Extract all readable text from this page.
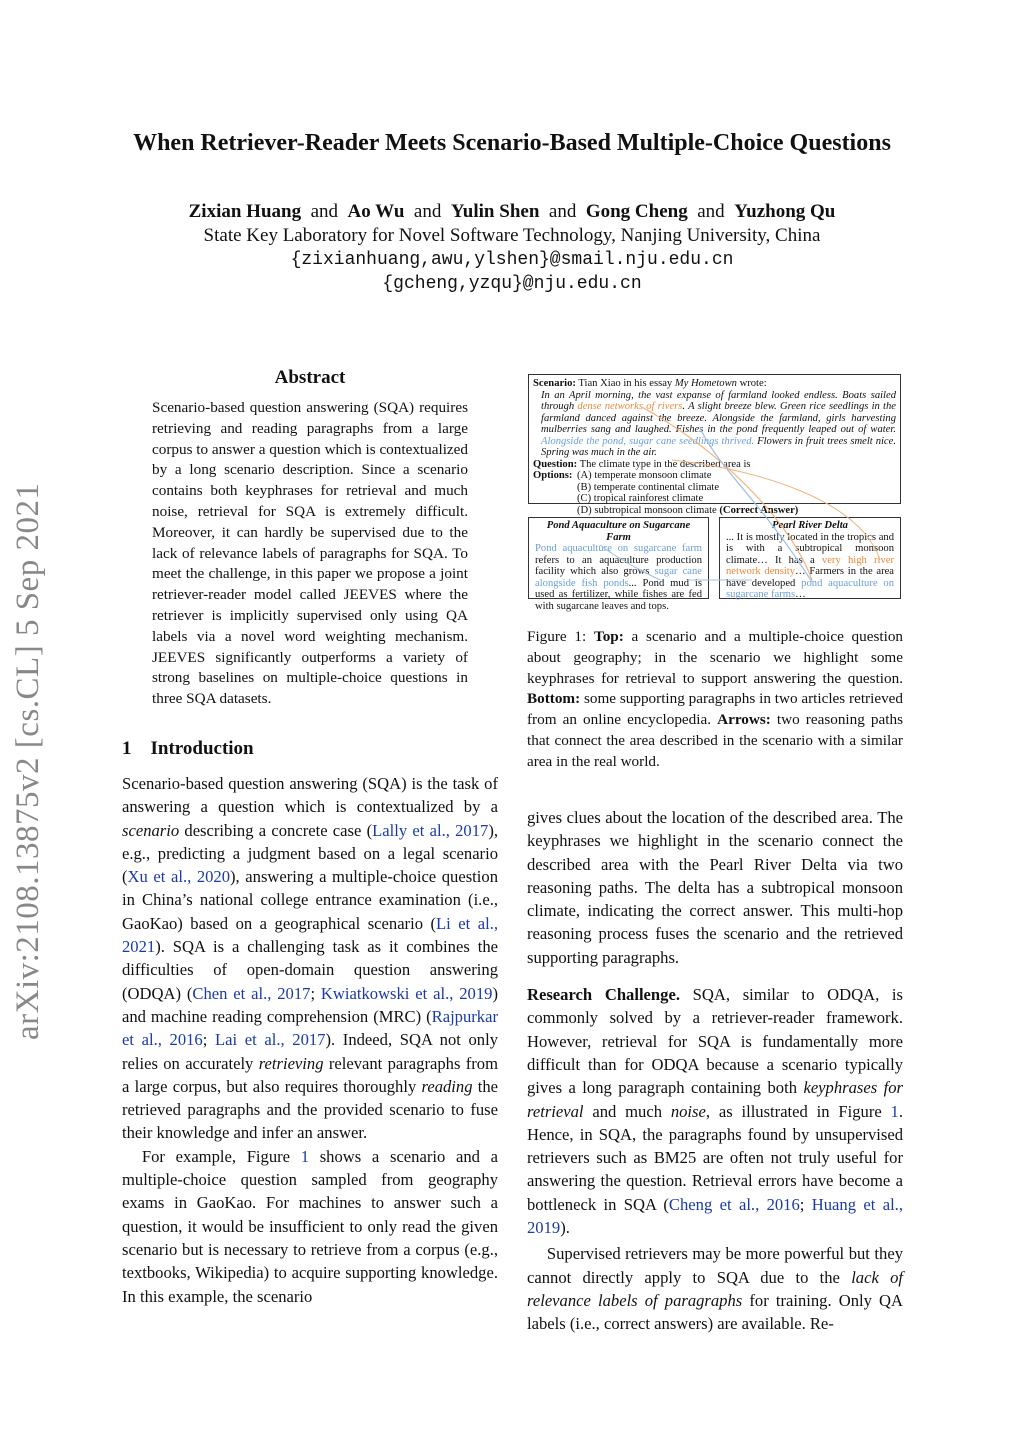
When Retriever-Reader Meets Scenario-Based Multiple-Choice Questions
Zixian Huang and Ao Wu and Yulin Shen and Gong Cheng and Yuzhong Qu
State Key Laboratory for Novel Software Technology, Nanjing University, China
{zixianhuang,awu,ylshen}@smail.nju.edu.cn
{gcheng,yzqu}@nju.edu.cn
arXiv:2108.13875v2 [cs.CL] 5 Sep 2021
Abstract
Scenario-based question answering (SQA) requires retrieving and reading paragraphs from a large corpus to answer a question which is contextualized by a long scenario description. Since a scenario contains both keyphrases for retrieval and much noise, retrieval for SQA is extremely difficult. Moreover, it can hardly be supervised due to the lack of relevance labels of paragraphs for SQA. To meet the challenge, in this paper we propose a joint retriever-reader model called JEEVES where the retriever is implicitly supervised only using QA labels via a novel word weighting mechanism. JEEVES significantly outperforms a variety of strong baselines on multiple-choice questions in three SQA datasets.
1 Introduction

Scenario-based question answering (SQA) is the task of answering a question which is contextualized by a scenario describing a concrete case (Lally et al., 2017), e.g., predicting a judgment based on a legal scenario (Xu et al., 2020), answering a multiple-choice question in China’s national college entrance examination (i.e., GaoKao) based on a geographical scenario (Li et al., 2021). SQA is a challenging task as it combines the difficulties of open-domain question answering (ODQA) (Chen et al., 2017; Kwiatkowski et al., 2019) and machine reading comprehension (MRC) (Rajpurkar et al., 2016; Lai et al., 2017). Indeed, SQA not only relies on accurately retrieving relevant paragraphs from a large corpus, but also requires thoroughly reading the retrieved paragraphs and the provided scenario to fuse their knowledge and infer an answer.

For example, Figure 1 shows a scenario and a multiple-choice question sampled from geography exams in GaoKao. For machines to answer such a question, it would be insufficient to only read the given scenario but is necessary to retrieve from a corpus (e.g., textbooks, Wikipedia) to acquire supporting knowledge. In this example, the scenario

Scenario: Tian Xiao in his essay My Hometown wrote:
In an April morning, the vast expanse of farmland looked endless. Boats sailed through dense networks of rivers. A slight breeze blew. Green rice seedlings in the farmland danced against the breeze. Alongside the farmland, girls harvesting mulberries sang and laughed. Fishes in the pond frequently leaped out of water. Alongside the pond, sugar cane seedlings thrived. Flowers in fruit trees smelt nice. Spring was much in the air.
Question: The climate type in the described area is
Options: (A) temperate monsoon climate
(B) temperate continental climate
(C) tropical rainforest climate
(D) subtropical monsoon climate (Correct Answer)
Pond Aquaculture on Sugarcane Farm
Pond aquaculture on sugarcane farm refers to an aquaculture production facility which also grows sugar cane alongside fish ponds... Pond mud is used as fertilizer, while fishes are fed with sugarcane leaves and tops.
Pearl River Delta
... It is mostly located in the tropics and is with a subtropical monsoon climate… It has a very high river network density… Farmers in the area have developed pond aquaculture on sugarcane farms…
Figure 1: Top: a scenario and a multiple-choice question about geography; in the scenario we highlight some keyphrases for retrieval to support answering the question. Bottom: some supporting paragraphs in two articles retrieved from an online encyclopedia. Arrows: two reasoning paths that connect the area described in the scenario with a similar area in the real world.

gives clues about the location of the described area. The keyphrases we highlight in the scenario connect the described area with the Pearl River Delta via two reasoning paths. The delta has a subtropical monsoon climate, indicating the correct answer. This multi-hop reasoning process fuses the scenario and the retrieved supporting paragraphs.

Research Challenge. SQA, similar to ODQA, is commonly solved by a retriever-reader framework. However, retrieval for SQA is fundamentally more difficult than for ODQA because a scenario typically gives a long paragraph containing both keyphrases for retrieval and much noise, as illustrated in Figure 1. Hence, in SQA, the paragraphs found by unsupervised retrievers such as BM25 are often not truly useful for answering the question. Retrieval errors have become a bottleneck in SQA (Cheng et al., 2016; Huang et al., 2019).

Supervised retrievers may be more powerful but they cannot directly apply to SQA due to the lack of relevance labels of paragraphs for training. Only QA labels (i.e., correct answers) are available. Re-
